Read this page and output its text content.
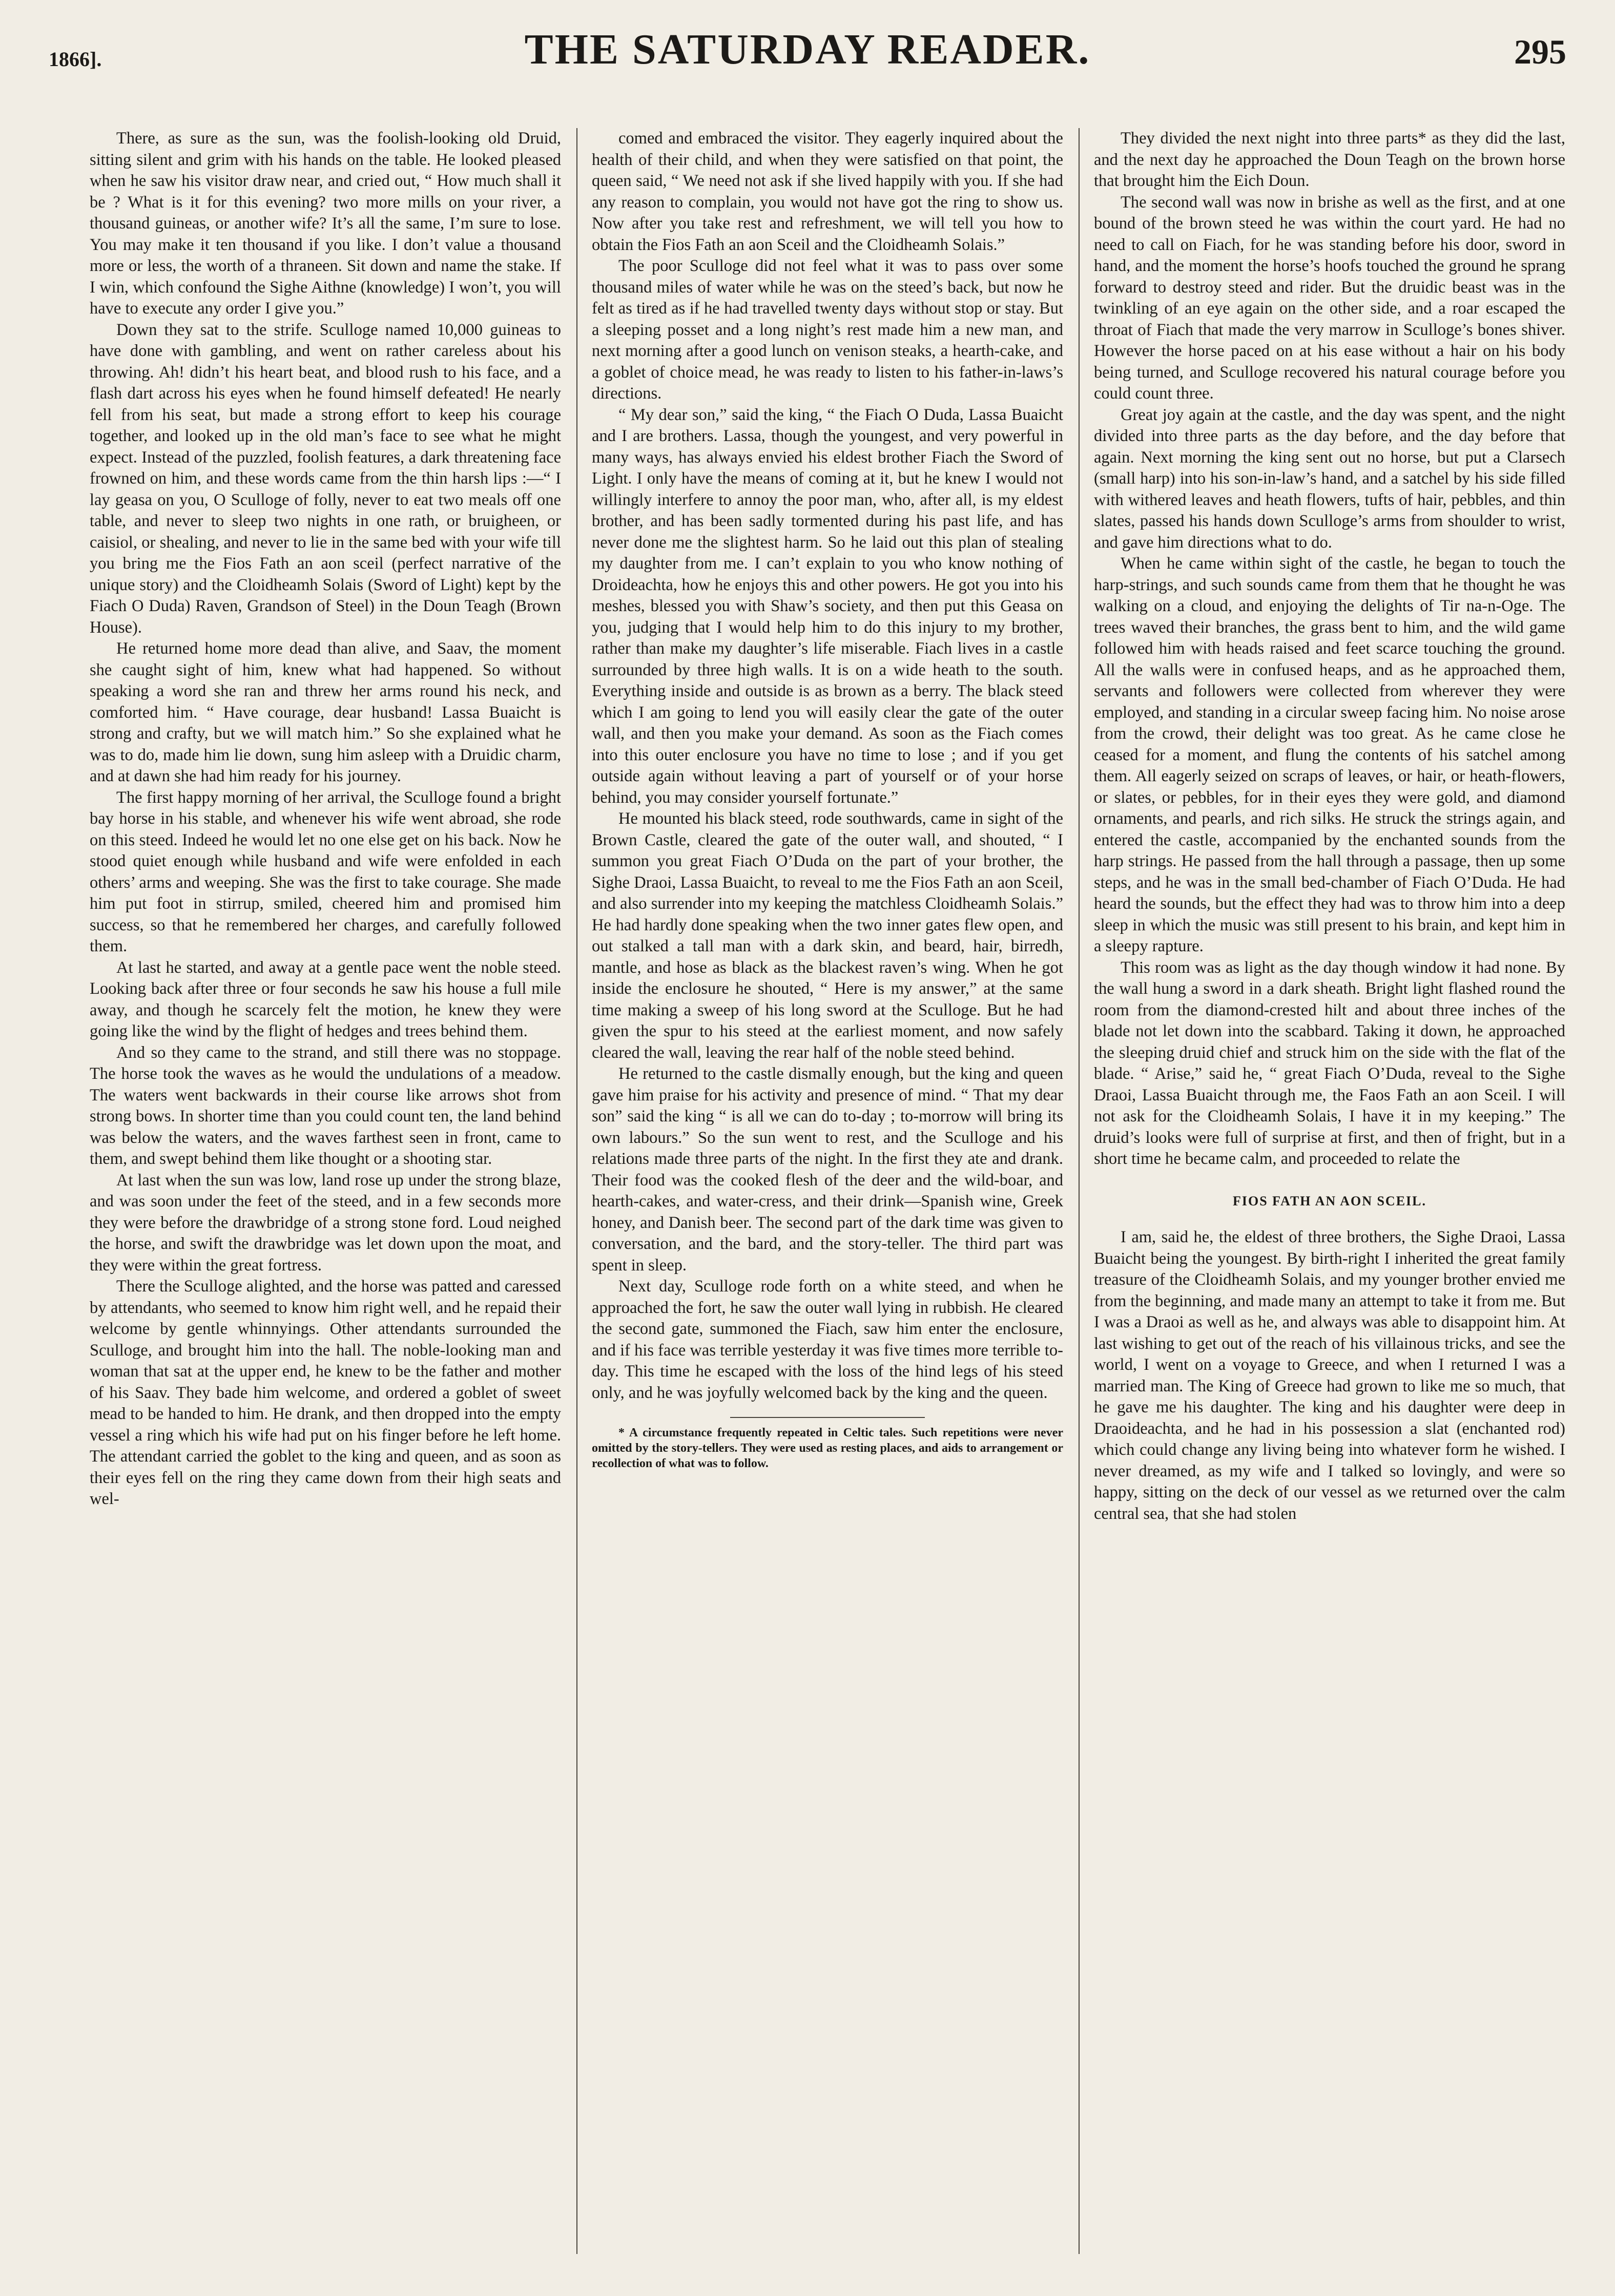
1866].	THE SATURDAY READER.	295

There, as sure as the sun, was the foolish-looking old Druid, sitting silent and grim with his hands on the table. He looked pleased when he saw his visitor draw near, and cried out, “ How much shall it be ? What is it for this evening? two more mills on your river, a thousand guineas, or another wife? It’s all the same, I’m sure to lose. You may make it ten thousand if you like. I don’t value a thousand more or less, the worth of a thraneen. Sit down and name the stake. If I win, which confound the Sighe Aithne (knowledge) I won’t, you will have to execute any order I give you.”

Down they sat to the strife. Sculloge named 10,000 guineas to have done with gambling, and went on rather careless about his throwing. Ah! didn’t his heart beat, and blood rush to his face, and a flash dart across his eyes when he found himself defeated! He nearly fell from his seat, but made a strong effort to keep his courage together, and looked up in the old man’s face to see what he might expect. Instead of the puzzled, foolish features, a dark threatening face frowned on him, and these words came from the thin harsh lips :—“ I lay geasa on you, O Sculloge of folly, never to eat two meals off one table, and never to sleep two nights in one rath, or bruigheen, or caisiol, or shealing, and never to lie in the same bed with your wife till you bring me the Fios Fath an aon sceil (perfect narrative of the unique story) and the Cloidheamh Solais (Sword of Light) kept by the Fiach O Duda) Raven, Grandson of Steel) in the Doun Teagh (Brown House).

He returned home more dead than alive, and Saav, the moment she caught sight of him, knew what had happened. So without speaking a word she ran and threw her arms round his neck, and comforted him. “ Have courage, dear husband! Lassa Buaicht is strong and crafty, but we will match him.” So she explained what he was to do, made him lie down, sung him asleep with a Druidic charm, and at dawn she had him ready for his journey.

The first happy morning of her arrival, the Sculloge found a bright bay horse in his stable, and whenever his wife went abroad, she rode on this steed. Indeed he would let no one else get on his back. Now he stood quiet enough while husband and wife were enfolded in each others’ arms and weeping. She was the first to take courage. She made him put foot in stirrup, smiled, cheered him and promised him success, so that he remembered her charges, and carefully followed them.

At last he started, and away at a gentle pace went the noble steed. Looking back after three or four seconds he saw his house a full mile away, and though he scarcely felt the motion, he knew they were going like the wind by the flight of hedges and trees behind them.

And so they came to the strand, and still there was no stoppage. The horse took the waves as he would the undulations of a meadow. The waters went backwards in their course like arrows shot from strong bows. In shorter time than you could count ten, the land behind was below the waters, and the waves farthest seen in front, came to them, and swept behind them like thought or a shooting star.

At last when the sun was low, land rose up under the strong blaze, and was soon under the feet of the steed, and in a few seconds more they were before the drawbridge of a strong stone ford. Loud neighed the horse, and swift the drawbridge was let down upon the moat, and they were within the great fortress.

There the Sculloge alighted, and the horse was patted and caressed by attendants, who seemed to know him right well, and he repaid their welcome by gentle whinnyings. Other attendants surrounded the Sculloge, and brought him into the hall. The noble-looking man and woman that sat at the upper end, he knew to be the father and mother of his Saav. They bade him welcome, and ordered a goblet of sweet mead to be handed to him. He drank, and then dropped into the empty vessel a ring which his wife had put on his finger before he left home. The attendant carried the goblet to the king and queen, and as soon as their eyes fell on the ring they came down from their high seats and wel-

comed and embraced the visitor. They eagerly inquired about the health of their child, and when they were satisfied on that point, the queen said, “ We need not ask if she lived happily with you. If she had any reason to complain, you would not have got the ring to show us. Now after you take rest and refreshment, we will tell you how to obtain the Fios Fath an aon Sceil and the Cloidheamh Solais.”

The poor Sculloge did not feel what it was to pass over some thousand miles of water while he was on the steed’s back, but now he felt as tired as if he had travelled twenty days without stop or stay. But a sleeping posset and a long night’s rest made him a new man, and next morning after a good lunch on venison steaks, a hearth-cake, and a goblet of choice mead, he was ready to listen to his father-in-laws’s directions.

“ My dear son,” said the king, “ the Fiach O Duda, Lassa Buaicht and I are brothers. Lassa, though the youngest, and very powerful in many ways, has always envied his eldest brother Fiach the Sword of Light. I only have the means of coming at it, but he knew I would not willingly interfere to annoy the poor man, who, after all, is my eldest brother, and has been sadly tormented during his past life, and has never done me the slightest harm. So he laid out this plan of stealing my daughter from me. I can’t explain to you who know nothing of Droideachta, how he enjoys this and other powers. He got you into his meshes, blessed you with Shaw’s society, and then put this Geasa on you, judging that I would help him to do this injury to my brother, rather than make my daughter’s life miserable. Fiach lives in a castle surrounded by three high walls. It is on a wide heath to the south. Everything inside and outside is as brown as a berry. The black steed which I am going to lend you will easily clear the gate of the outer wall, and then you make your demand. As soon as the Fiach comes into this outer enclosure you have no time to lose ; and if you get outside again without leaving a part of yourself or of your horse behind, you may consider yourself fortunate.”

He mounted his black steed, rode southwards, came in sight of the Brown Castle, cleared the gate of the outer wall, and shouted, “ I summon you great Fiach O’Duda on the part of your brother, the Sighe Draoi, Lassa Buaicht, to reveal to me the Fios Fath an aon Sceil, and also surrender into my keeping the matchless Cloidheamh Solais.” He had hardly done speaking when the two inner gates flew open, and out stalked a tall man with a dark skin, and beard, hair, birredh, mantle, and hose as black as the blackest raven’s wing. When he got inside the enclosure he shouted, “ Here is my answer,” at the same time making a sweep of his long sword at the Sculloge. But he had given the spur to his steed at the earliest moment, and now safely cleared the wall, leaving the rear half of the noble steed behind.

He returned to the castle dismally enough, but the king and queen gave him praise for his activity and presence of mind. “ That my dear son” said the king “ is all we can do to-day ; to-morrow will bring its own labours.” So the sun went to rest, and the Sculloge and his relations made three parts of the night. In the first they ate and drank. Their food was the cooked flesh of the deer and the wild-boar, and hearth-cakes, and water-cress, and their drink—Spanish wine, Greek honey, and Danish beer. The second part of the dark time was given to conversation, and the bard, and the story-teller. The third part was spent in sleep.

Next day, Sculloge rode forth on a white steed, and when he approached the fort, he saw the outer wall lying in rubbish. He cleared the second gate, summoned the Fiach, saw him enter the enclosure, and if his face was terrible yesterday it was five times more terrible to-day. This time he escaped with the loss of the hind legs of his steed only, and he was joyfully welcomed back by the king and the queen.

* A circumstance frequently repeated in Celtic tales. Such repetitions were never omitted by the story-tellers. They were used as resting places, and aids to arrangement or recollection of what was to follow.

They divided the next night into three parts* as they did the last, and the next day he approached the Doun Teagh on the brown horse that brought him the Eich Doun.

The second wall was now in brishe as well as the first, and at one bound of the brown steed he was within the court yard. He had no need to call on Fiach, for he was standing before his door, sword in hand, and the moment the horse’s hoofs touched the ground he sprang forward to destroy steed and rider. But the druidic beast was in the twinkling of an eye again on the other side, and a roar escaped the throat of Fiach that made the very marrow in Sculloge’s bones shiver. However the horse paced on at his ease without a hair on his body being turned, and Sculloge recovered his natural courage before you could count three.

Great joy again at the castle, and the day was spent, and the night divided into three parts as the day before, and the day before that again. Next morning the king sent out no horse, but put a Clarsech (small harp) into his son-in-law’s hand, and a satchel by his side filled with withered leaves and heath flowers, tufts of hair, pebbles, and thin slates, passed his hands down Sculloge’s arms from shoulder to wrist, and gave him directions what to do.

When he came within sight of the castle, he began to touch the harp-strings, and such sounds came from them that he thought he was walking on a cloud, and enjoying the delights of Tir na-n-Oge. The trees waved their branches, the grass bent to him, and the wild game followed him with heads raised and feet scarce touching the ground. All the walls were in confused heaps, and as he approached them, servants and followers were collected from wherever they were employed, and standing in a circular sweep facing him. No noise arose from the crowd, their delight was too great. As he came close he ceased for a moment, and flung the contents of his satchel among them. All eagerly seized on scraps of leaves, or hair, or heath-flowers, or slates, or pebbles, for in their eyes they were gold, and diamond ornaments, and pearls, and rich silks. He struck the strings again, and entered the castle, accompanied by the enchanted sounds from the harp strings. He passed from the hall through a passage, then up some steps, and he was in the small bed-chamber of Fiach O’Duda. He had heard the sounds, but the effect they had was to throw him into a deep sleep in which the music was still present to his brain, and kept him in a sleepy rapture.

This room was as light as the day though window it had none. By the wall hung a sword in a dark sheath. Bright light flashed round the room from the diamond-crested hilt and about three inches of the blade not let down into the scabbard. Taking it down, he approached the sleeping druid chief and struck him on the side with the flat of the blade. “ Arise,” said he, “ great Fiach O’Duda, reveal to the Sighe Draoi, Lassa Buaicht through me, the Faos Fath an aon Sceil. I will not ask for the Cloidheamh Solais, I have it in my keeping.” The druid’s looks were full of surprise at first, and then of fright, but in a short time he became calm, and proceeded to relate the

FIOS FATH AN AON SCEIL.

I am, said he, the eldest of three brothers, the Sighe Draoi, Lassa Buaicht being the youngest. By birth-right I inherited the great family treasure of the Cloidheamh Solais, and my younger brother envied me from the beginning, and made many an attempt to take it from me. But I was a Draoi as well as he, and always was able to disappoint him. At last wishing to get out of the reach of his villainous tricks, and see the world, I went on a voyage to Greece, and when I returned I was a married man. The King of Greece had grown to like me so much, that he gave me his daughter. The king and his daughter were deep in Draoideachta, and he had in his possession a slat (enchanted rod) which could change any living being into whatever form he wished. I never dreamed, as my wife and I talked so lovingly, and were so happy, sitting on the deck of our vessel as we returned over the calm central sea, that she had stolen
